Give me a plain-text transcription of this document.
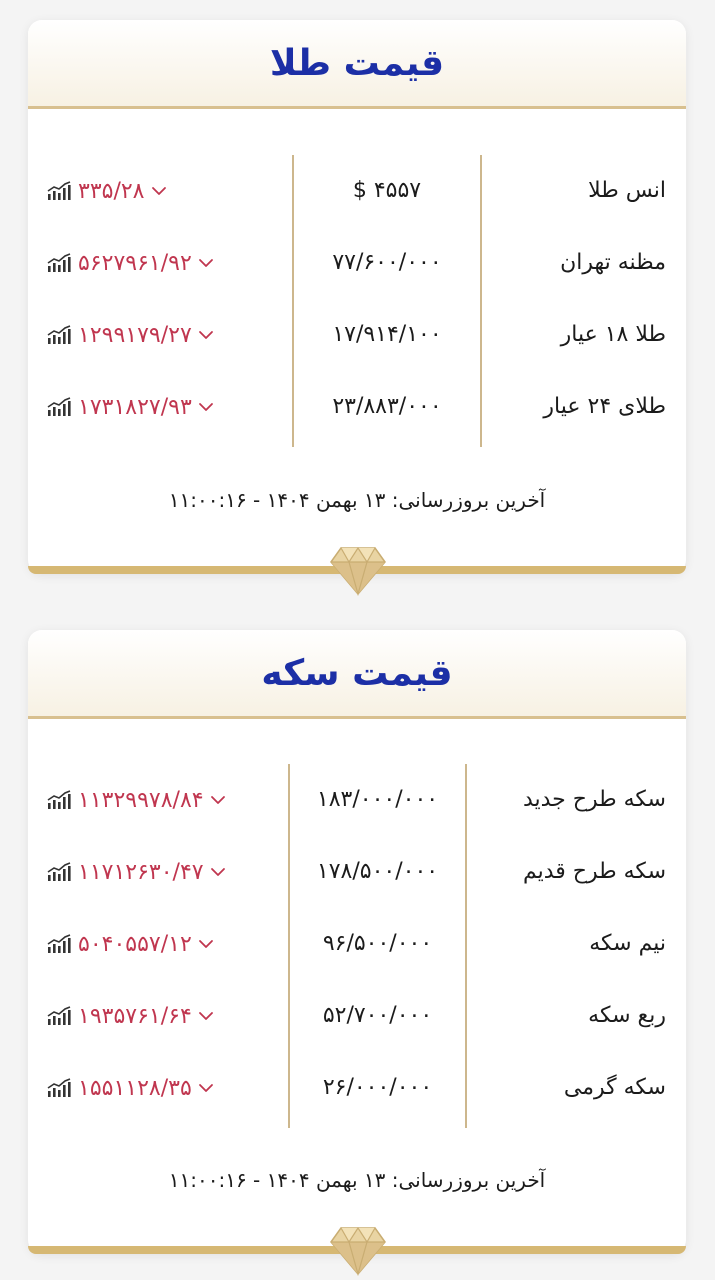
قیمت طلا
انس طلا
۴۵۵۷ $
۳۳۵/۲۸
مظنه تهران
۷۷/۶۰۰/۰۰۰
۵۶۲۷۹۶۱/۹۲
طلا ۱۸ عیار
۱۷/۹۱۴/۱۰۰
۱۲۹۹۱۷۹/۲۷
طلای ۲۴ عیار
۲۳/۸۸۳/۰۰۰
۱۷۳۱۸۲۷/۹۳
آخرین بروزرسانی: ۱۳ بهمن ۱۴۰۴ - ۱۱:۰۰:۱۶
قیمت سکه
سکه طرح جدید
۱۸۳/۰۰۰/۰۰۰
۱۱۳۲۹۹۷۸/۸۴
سکه طرح قدیم
۱۷۸/۵۰۰/۰۰۰
۱۱۷۱۲۶۳۰/۴۷
نیم سکه
۹۶/۵۰۰/۰۰۰
۵۰۴۰۵۵۷/۱۲
ربع سکه
۵۲/۷۰۰/۰۰۰
۱۹۳۵۷۶۱/۶۴
سکه گرمی
۲۶/۰۰۰/۰۰۰
۱۵۵۱۱۲۸/۳۵
آخرین بروزرسانی: ۱۳ بهمن ۱۴۰۴ - ۱۱:۰۰:۱۶
